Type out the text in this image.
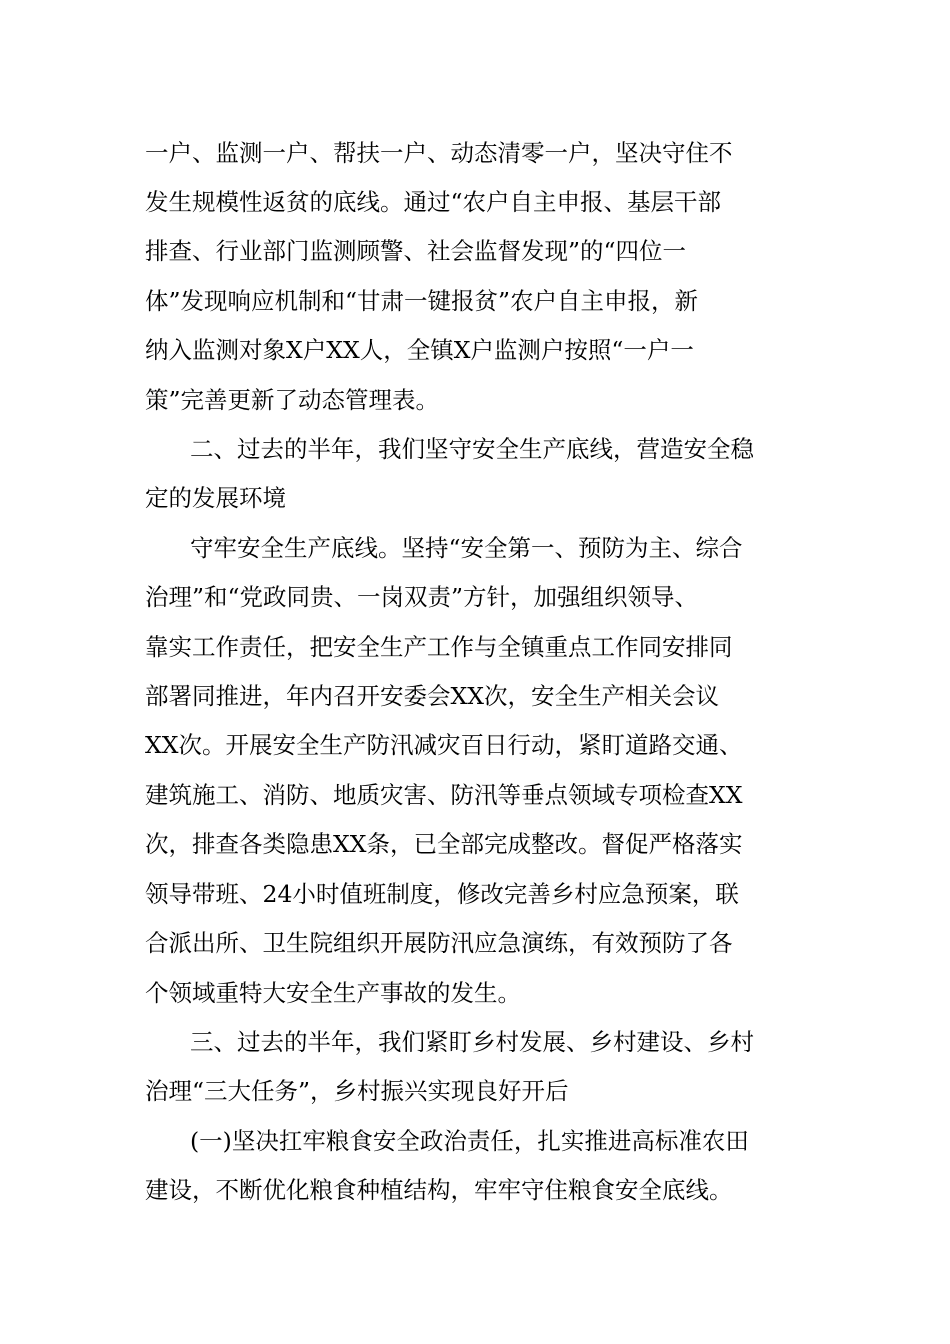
一户、监测一户、帮扶一户、动态清零一户，坚决守住不
发生规模性返贫的底线。通过“农户自主申报、基层干部
排查、行业部门监测顾警、社会监督发现”的“四位一
体”发现响应机制和“甘肃一键报贫”农户自主申报，新
纳入监测对象X户XX人，全镇X户监测户按照“一户一
策”完善更新了动态管理表。
二、过去的半年，我们坚守安全生产底线，营造安全稳
定的发展环境
守牢安全生产底线。坚持“安全第一、预防为主、综合
治理”和“党政同贵、一岗双责”方针，加强组织领导、
靠实工作责任，把安全生产工作与全镇重点工作同安排同
部署同推进，年内召开安委会XX次，安全生产相关会议
XX次。开展安全生产防汛减灾百日行动，紧盯道路交通、
建筑施工、消防、地质灾害、防汛等垂点领域专项检查XX
次，排查各类隐患XX条，已全部完成整改。督促严格落实
领导带班、24小时值班制度，修改完善乡村应急预案，联
合派出所、卫生院组织开展防汛应急演练，有效预防了各
个领域重特大安全生产事故的发生。
三、过去的半年，我们紧盯乡村发展、乡村建设、乡村
治理“三大任务”，乡村振兴实现良好开后
(一)坚决扛牢粮食安全政治责任，扎实推进高标准农田
建设，不断优化粮食种植结构，牢牢守住粮食安全底线。
